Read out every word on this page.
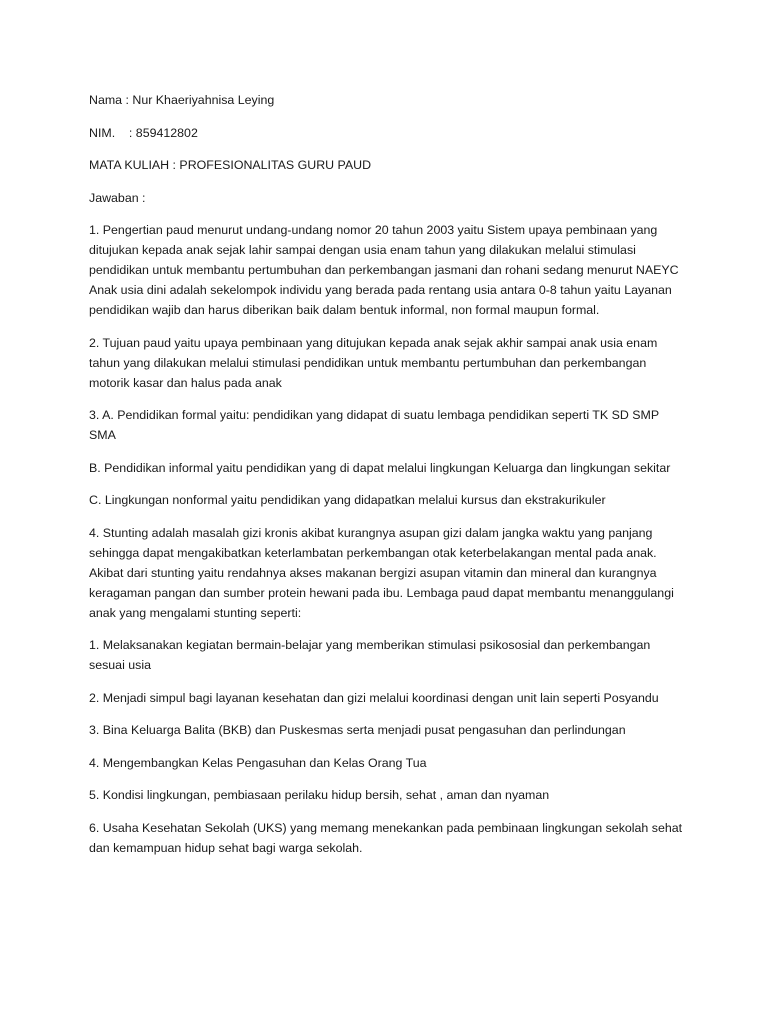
Nama : Nur Khaeriyahnisa Leying

NIM.    : 859412802

MATA KULIAH : PROFESIONALITAS GURU PAUD

Jawaban :

1. Pengertian paud menurut undang-undang nomor 20 tahun 2003 yaitu Sistem upaya pembinaan yang ditujukan kepada anak sejak lahir sampai dengan usia enam tahun yang dilakukan melalui stimulasi pendidikan untuk membantu pertumbuhan dan perkembangan jasmani dan rohani sedang menurut NAEYC Anak usia dini adalah sekelompok individu yang berada pada rentang usia antara 0-8 tahun yaitu Layanan pendidikan wajib dan harus diberikan baik dalam bentuk informal, non formal maupun formal.

2. Tujuan paud yaitu upaya pembinaan yang ditujukan kepada anak sejak akhir sampai anak usia enam tahun yang dilakukan melalui stimulasi pendidikan untuk membantu pertumbuhan dan perkembangan motorik kasar dan halus pada anak

3. A. Pendidikan formal yaitu: pendidikan yang didapat di suatu lembaga pendidikan seperti TK SD SMP SMA

B. Pendidikan informal yaitu pendidikan yang di dapat melalui lingkungan Keluarga dan lingkungan sekitar

C. Lingkungan nonformal yaitu pendidikan yang didapatkan melalui kursus dan ekstrakurikuler

4. Stunting adalah masalah gizi kronis akibat kurangnya asupan gizi dalam jangka waktu yang panjang sehingga dapat mengakibatkan keterlambatan perkembangan otak keterbelakangan mental pada anak. Akibat dari stunting yaitu rendahnya akses makanan bergizi asupan vitamin dan mineral dan kurangnya keragaman pangan dan sumber protein hewani pada ibu. Lembaga paud dapat membantu menanggulangi anak yang mengalami stunting seperti:

1. Melaksanakan kegiatan bermain-belajar yang memberikan stimulasi psikososial dan perkembangan sesuai usia

2. Menjadi simpul bagi layanan kesehatan dan gizi melalui koordinasi dengan unit lain seperti Posyandu

3. Bina Keluarga Balita (BKB) dan Puskesmas serta menjadi pusat pengasuhan dan perlindungan

4. Mengembangkan Kelas Pengasuhan dan Kelas Orang Tua

5. Kondisi lingkungan, pembiasaan perilaku hidup bersih, sehat , aman dan nyaman

6. Usaha Kesehatan Sekolah (UKS) yang memang menekankan pada pembinaan lingkungan sekolah sehat dan kemampuan hidup sehat bagi warga sekolah.
